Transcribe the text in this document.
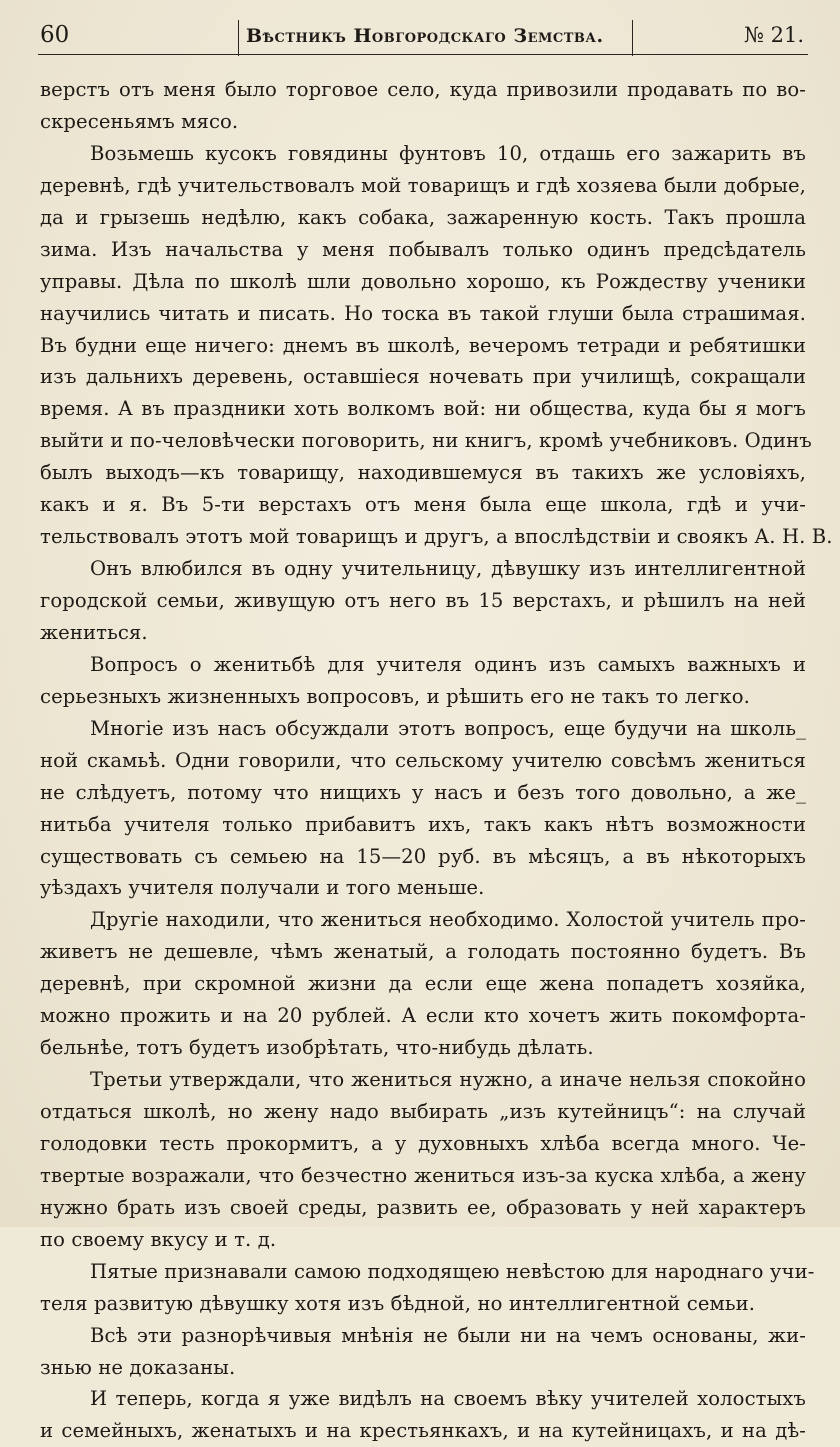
60	Вѣстникъ Новгородскаго Земства.	№ 21.
верстъ отъ меня было торговое село, куда привозили продавать по во-
скресеньямъ мясо.
Возьмешь кусокъ говядины фунтовъ 10, отдашь его зажарить въ
деревнѣ, гдѣ учительствовалъ мой товарищъ и гдѣ хозяева были добрые,
да и грызешь недѣлю, какъ собака, зажаренную кость. Такъ прошла
зима. Изъ начальства у меня побывалъ только одинъ предсѣдатель
управы. Дѣла по школѣ шли довольно хорошо, къ Рождеству ученики
научились читать и писать. Но тоска въ такой глуши была страшимая.
Въ будни еще ничего: днемъ въ школѣ, вечеромъ тетради и ребятишки
изъ дальнихъ деревень, оставшіеся ночевать при училищѣ, сокращали
время. А въ праздники хоть волкомъ вой: ни общества, куда бы я могъ
выйти и по-человѣчески поговорить, ни книгъ, кромѣ учебниковъ. Одинъ
былъ выходъ—къ товарищу, находившемуся въ такихъ же условіяхъ,
какъ и я. Въ 5-ти верстахъ отъ меня была еще школа, гдѣ и учи-
тельствовалъ этотъ мой товарищъ и другъ, а впослѣдствіи и своякъ А. Н. В.
Онъ влюбился въ одну учительницу, дѣвушку изъ интеллигентной
городской семьи, живущую отъ него въ 15 верстахъ, и рѣшилъ на ней
жениться.
Вопросъ о женитьбѣ для учителя одинъ изъ самыхъ важныхъ и
серьезныхъ жизненныхъ вопросовъ, и рѣшить его не такъ то легко.
Многіе изъ насъ обсуждали этотъ вопросъ, еще будучи на школь_
ной скамьѣ. Одни говорили, что сельскому учителю совсѣмъ жениться
не слѣдуетъ, потому что нищихъ у насъ и безъ того довольно, а же_
нитьба учителя только прибавитъ ихъ, такъ какъ нѣтъ возможности
существовать съ семьею на 15—20 руб. въ мѣсяцъ, а въ нѣкоторыхъ
уѣздахъ учителя получали и того меньше.
Другіе находили, что жениться необходимо. Холостой учитель про-
живетъ не дешевле, чѣмъ женатый, а голодать постоянно будетъ. Въ
деревнѣ, при скромной жизни да если еще жена попадетъ хозяйка,
можно прожить и на 20 рублей. А если кто хочетъ жить покомфорта-
бельнѣе, тотъ будетъ изобрѣтать, что-нибудь дѣлать.
Третьи утверждали, что жениться нужно, а иначе нельзя спокойно
отдаться школѣ, но жену надо выбирать „изъ кутейницъ“: на случай
голодовки тесть прокормитъ, а у духовныхъ хлѣба всегда много. Че-
твертые возражали, что безчестно жениться изъ-за куска хлѣба, а жену
нужно брать изъ своей среды, развить ее, образовать у ней характеръ
по своему вкусу и т. д.
Пятые признавали самою подходящею невѣстою для народнаго учи-
теля развитую дѣвушку хотя изъ бѣдной, но интеллигентной семьи.
Всѣ эти разнорѣчивыя мнѣнія не были ни на чемъ основаны, жи-
знью не доказаны.
И теперь, когда я уже видѣлъ на своемъ вѣку учителей холостыхъ
и семейныхъ, женатыхъ и на крестьянкахъ, и на кутейницахъ, и на дѣ-
